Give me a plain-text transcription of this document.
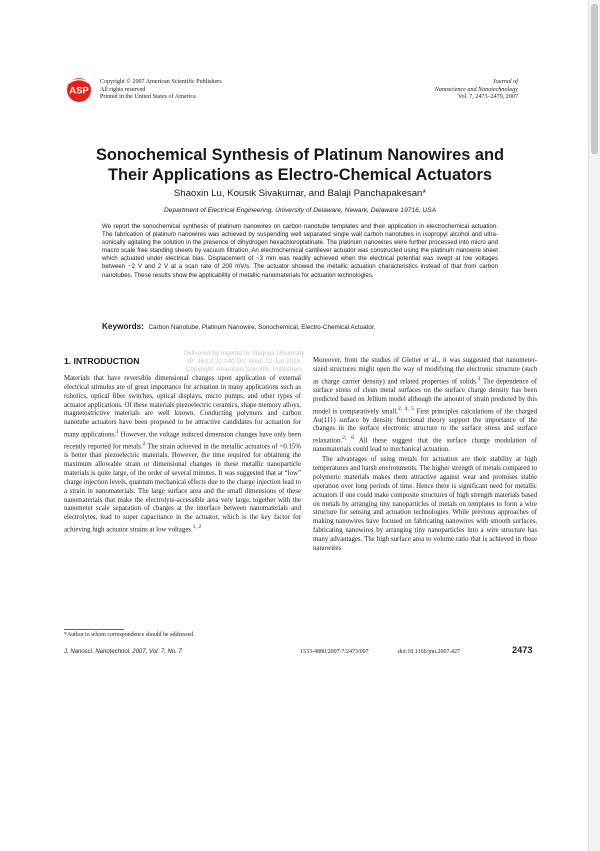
ASP
Copyright © 2007 American Scientific Publishers
All rights reserved
Printed in the United States of America
Journal of
Nanoscience and Nanotechnology
Vol. 7, 2473–2479, 2007
Sonochemical Synthesis of Platinum Nanowires and
Their Applications as Electro-Chemical Actuators
Shaoxin Lu, Kousik Sivakumar, and Balaji Panchapakesan*
Department of Electrical Engineering, University of Delaware, Newark, Delaware 19716, USA
We report the sonochemical synthesis of platinum nanowires on carbon nanotube templates and their application in electrochemical actuation. The fabrication of platinum nanowires was achieved by suspending well separated single wall carbon nanotubes in isopropyl alcohol and ultra-sonically agitating the solution in the presence of dihydrogen hexachloroplatinate. The platinum nanowires were further processed into micro and macro scale free standing sheets by vacuum filtration. An electrochemical cantilever actuator was constructed using the platinum nanowire sheet which actuated under electrical bias. Displacement of ~3 mm was readily achieved when the electrical potential was swept at low voltages between −2 V and 2 V at a scan rate of 200 mV/s. The actuator showed the metallic actuation characteristics instead of that from carbon nanotubes. These results show the applicability of metallic nanomaterials for actuation technologies.
Keywords: Carbon Nanotube, Platinum Nanowire, Sonochemical, Electro-Chemical Actuator.
1. INTRODUCTION
Delivered by Ingenta to: Nagoya University
IP: 163.2.32.140 On: Wed, 22 Jun 2016
Copyright: American Scientific Publishers

Materials that have reversible dimensional changes upon application of external electrical stimulus are of great importance for actuation in many applications such as robotics, optical fiber switches, optical displays, micro pumps, and other types of actuator applications. Of these materials piezoelectric ceramics, shape memory alloys, magnetostrictive materials are well known. Conducting polymers and carbon nanotube actuators have been proposed to be attractive candidates for actuation for many applications.$^1$ However, the voltage induced dimension changes have only been recently reported for metals.$^2$ The strain achieved in the metallic actuators of ~0.15% is better than piezoelectric materials. However, the time required for obtaining the maximum allowable strain or dimensional changes in these metallic nanoparticle materials is quite large, of the order of several minutes. It was suggested that at “low” charge injection levels, quantum mechanical effects due to the charge injection lead to a strain in nanomaterials. The large surface area and the small dimensions of these nanomaterials that make the electrolyte-accessible area very large, together with the nanometer scale separation of charges at the interface between nanomaterials and electrolytes, lead to super capacitance in the actuator, which is the key factor for achieving high actuator strains at low voltages.$^{1, 2}$

Moreover, from the studies of Gleiter et al., it was suggested that nanometer-sized structures might open the way of modifying the electronic structure (such as charge carrier density) and related properties of solids.$^3$ The dependence of surface stress of clean metal surfaces on the surface charge density has been predicted based on Jellium model although the amount of strain predicted by this model is comparatively small.$^{2, 4, 5}$ First principles calculations of the charged Au(111) surface by density functional theory support the importance of the changes in the surface electronic structure to the surface stress and surface relaxation.$^{2, 6}$ All these suggest that the surface charge modulation of nanomaterials could lead to mechanical actuation.

The advantages of using metals for actuation are their stability at high temperatures and harsh environments. The higher strength of metals compared to polymeric materials makes them attractive against wear and promises stable operation over long periods of time. Hence there is significant need for metallic actuators if one could make composite structures of high strength materials based on metals by arranging tiny nanoparticles of metals on templates to form a wire structure for sensing and actuation technologies. While previous approaches of making nanowires have focused on fabricating nanowires with smooth surfaces, fabricating nanowires by arranging tiny nanoparticles into a wire structure has many advantages. The high surface area to volume ratio that is achieved in these nanowires

*Author to whom correspondence should be addressed.
J. Nanosci. Nanotechnol. 2007, Vol. 7, No. 7	1533-4880/2007/7/2473/007	doi:10.1166/jnn.2007.427	2473
